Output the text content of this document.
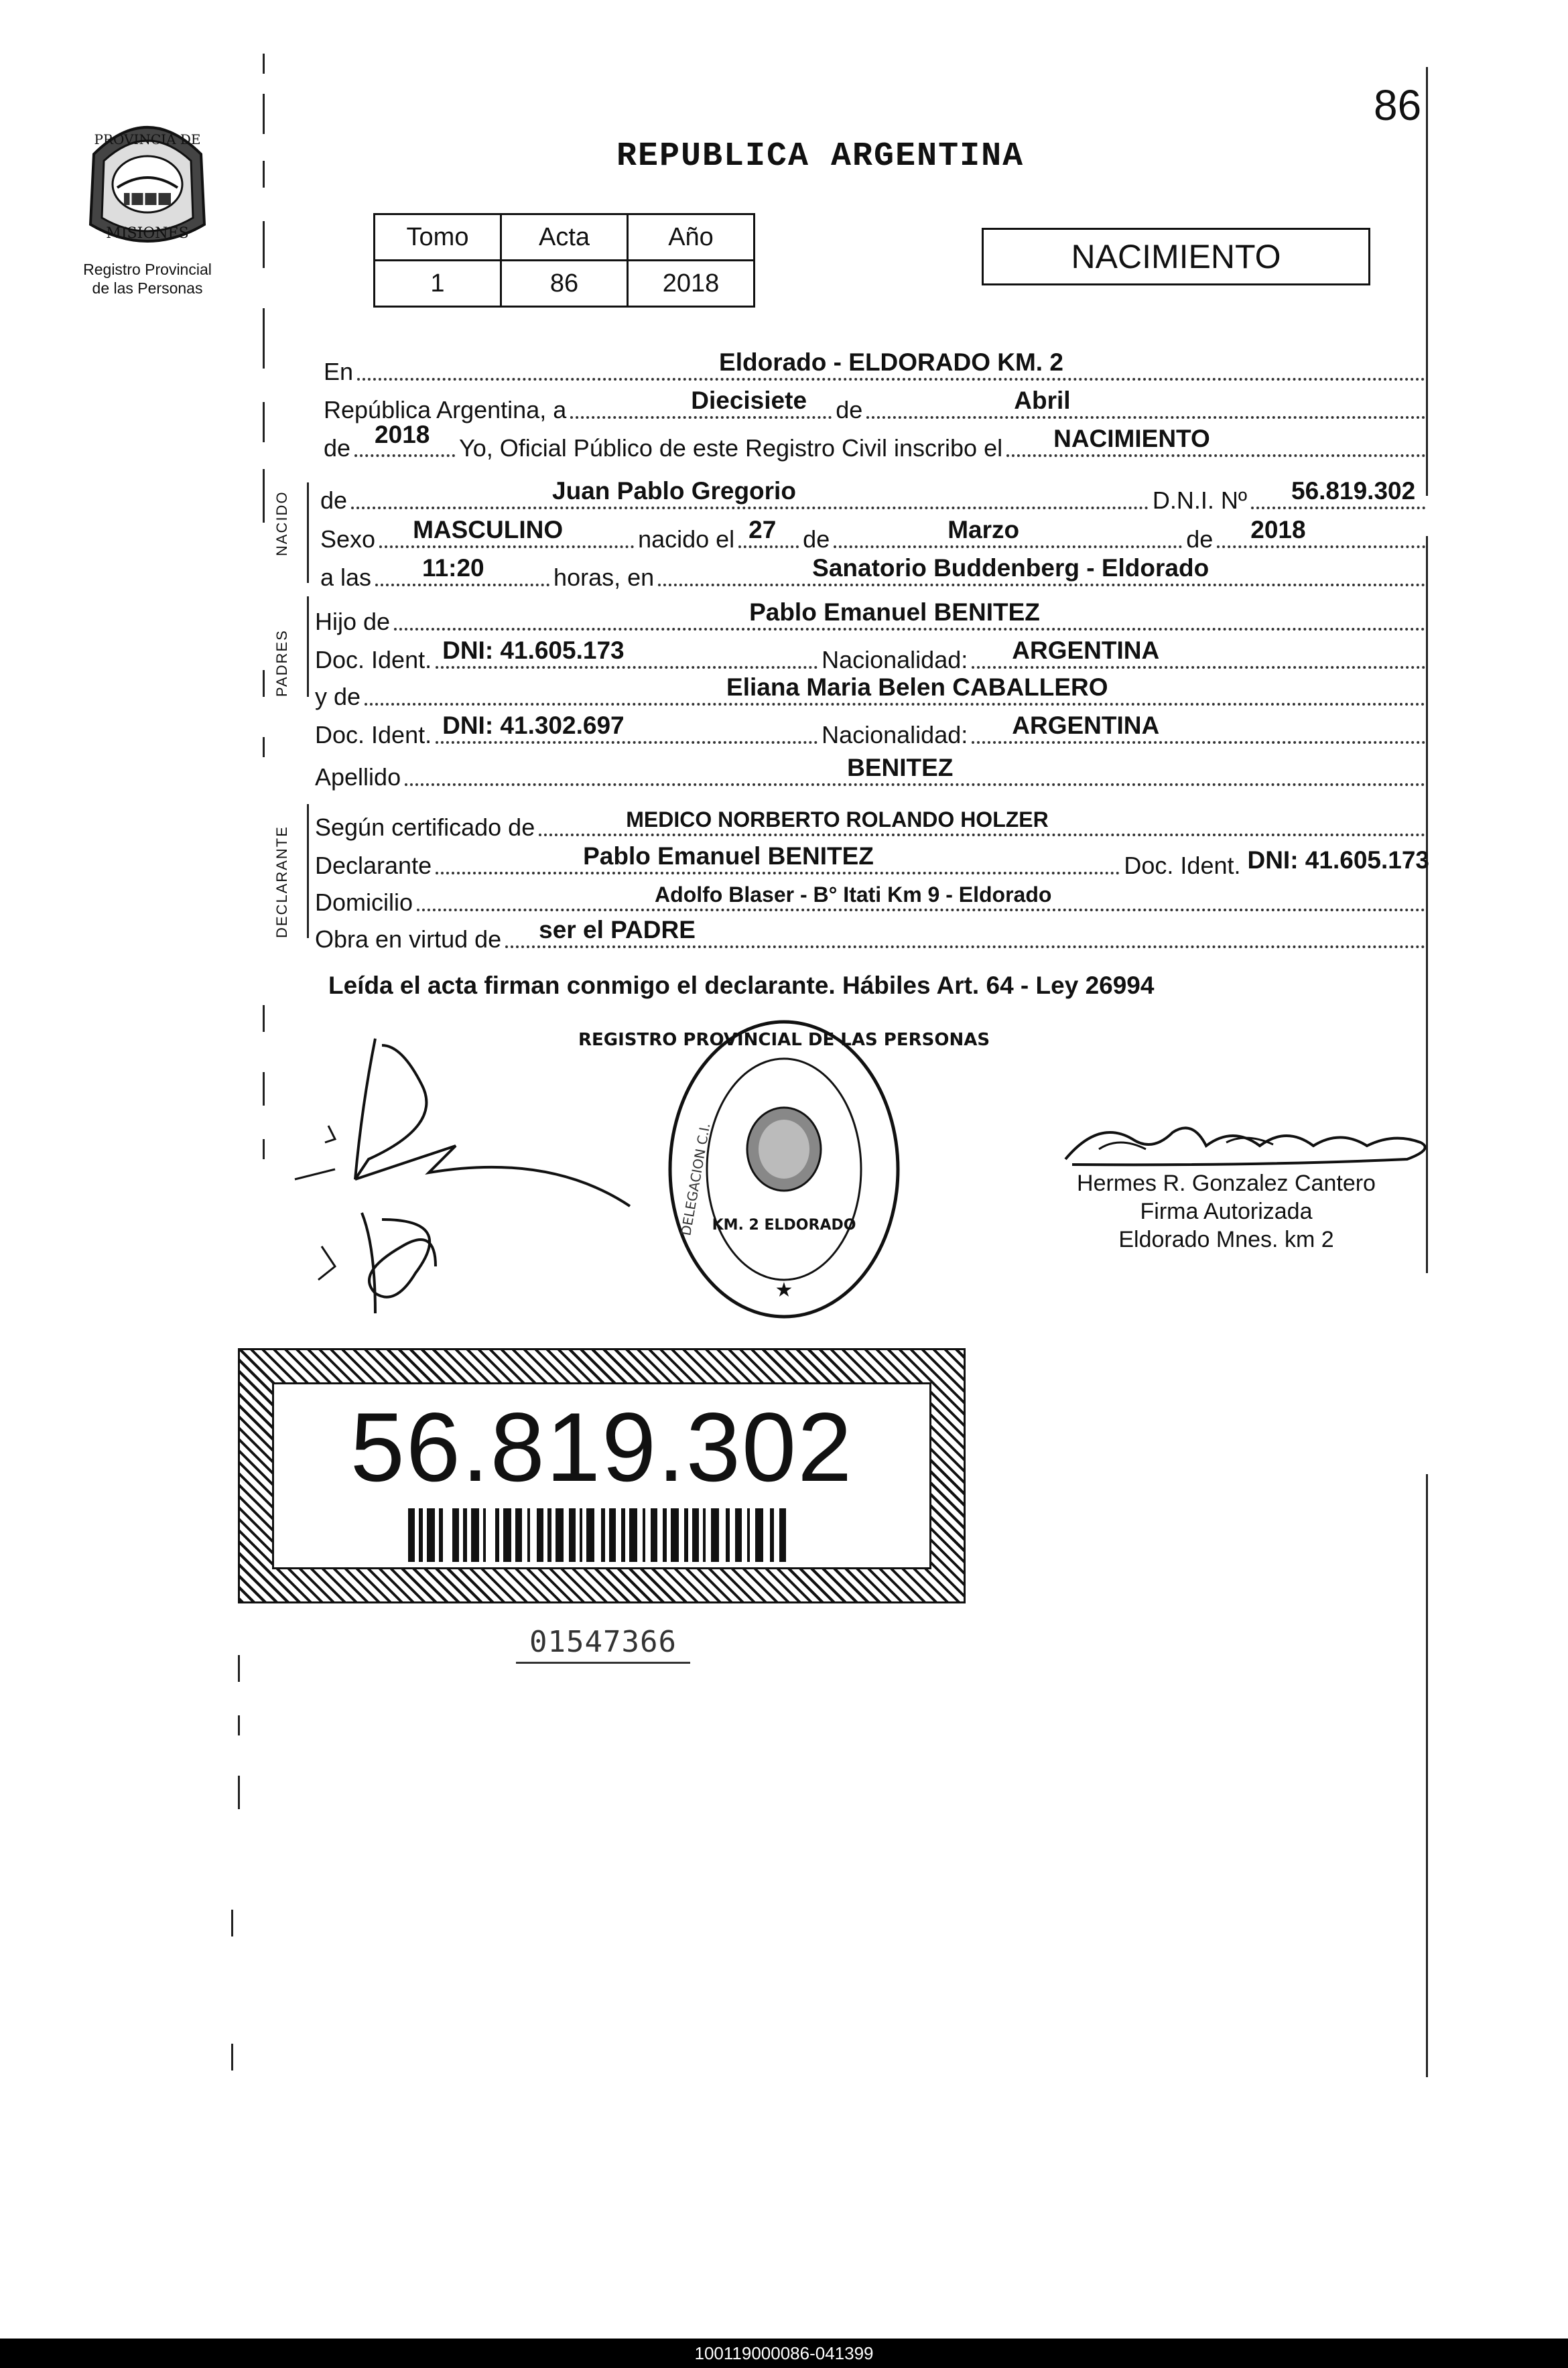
86
REPUBLICA ARGENTINA
PROVINCIA DE
MISIONES
Registro Provincial
de las Personas
Tomo	Acta	Año
1	86	2018
NACIMIENTO
NACIDO
PADRES
DECLARANTE
En	Eldorado - ELDORADO KM. 2
República Argentina, a	Diecisiete de	Abril
de 2018 Yo, Oficial Público de este Registro Civil inscribo el NACIMIENTO
de	Juan Pablo Gregorio	D.N.I. Nº 56.819.302
Sexo MASCULINO	nacido el 27 de	Marzo	de 2018
a las 11:20	horas, en	Sanatorio Buddenberg - Eldorado
Hijo de	Pablo Emanuel BENITEZ
Doc. Ident. DNI: 41.605.173	Nacionalidad: ARGENTINA
y de	Eliana Maria Belen CABALLERO
Doc. Ident. DNI: 41.302.697	Nacionalidad: ARGENTINA
Apellido	BENITEZ
Según certificado de	MEDICO NORBERTO ROLANDO HOLZER
Declarante	Pablo Emanuel BENITEZ	Doc. Ident. DNI: 41.605.173
Domicilio	Adolfo Blaser - B° Itati Km 9 - Eldorado
Obra en virtud de ser el PADRE
Leída el acta firman conmigo el declarante. Hábiles Art. 64 - Ley 26994
REGISTRO PROVINCIAL DE LAS PERSONAS
DELEGACION C.I.
KM. 2 ELDORADO
★
Hermes R. Gonzalez Cantero
Firma Autorizada
Eldorado Mnes. km 2
56.819.302
01547366
100119000086-041399
